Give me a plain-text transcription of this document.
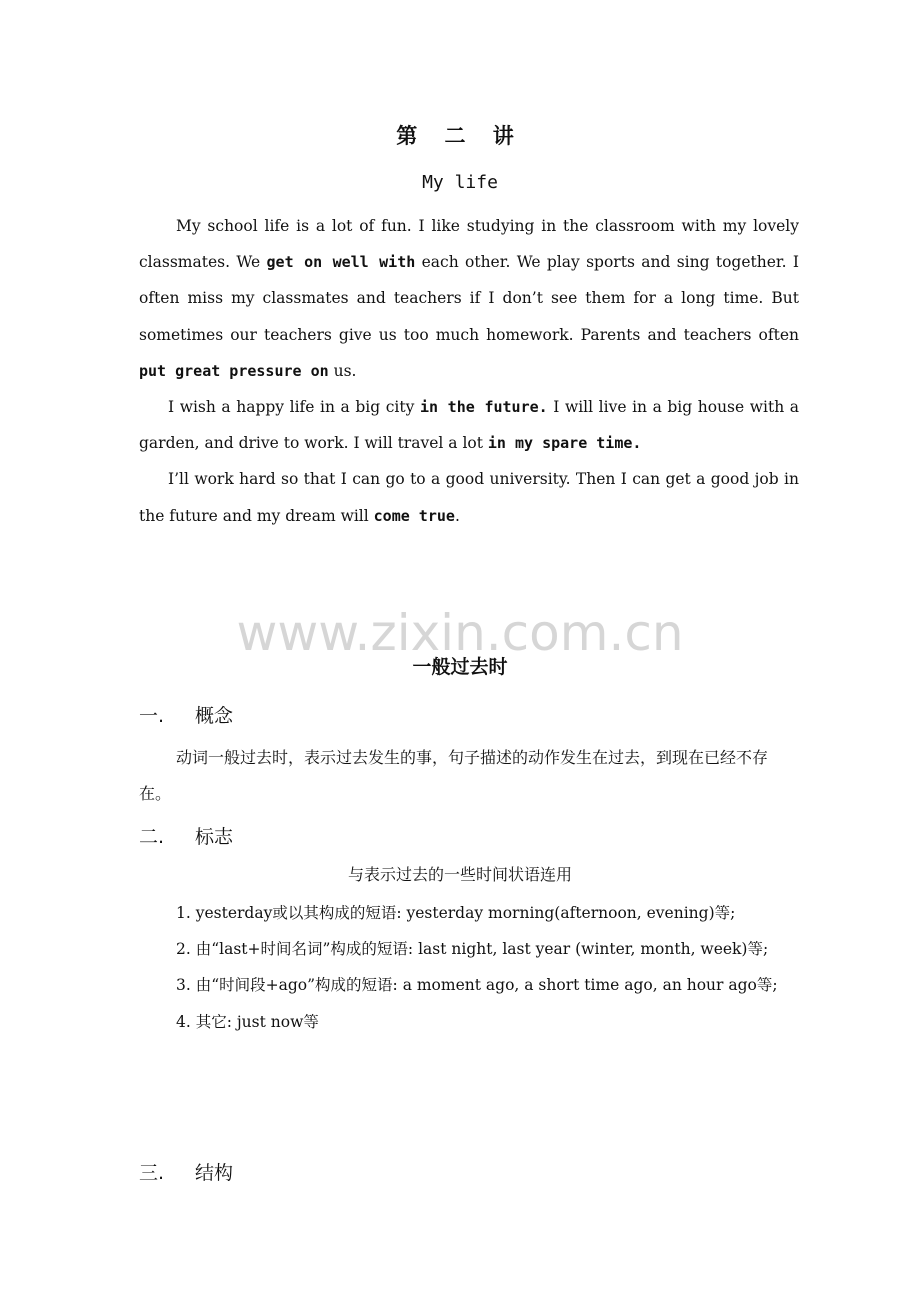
第 二 讲
My life

My school life is a lot of fun. I like studying in the classroom with my lovely classmates. We get on well with each other. We play sports and sing together. I often miss my classmates and teachers if I don’t see them for a long time. But sometimes our teachers give us too much homework. Parents and teachers often put great pressure on us.

I wish a happy life in a big city in the future. I will live in a big house with a garden, and drive to work. I will travel a lot in my spare time.

I’ll work hard so that I can go to a good university. Then I can get a good job in the future and my dream will come true.

www.zixin.com.cn
一般过去时
一. 概念
动词一般过去时，表示过去发生的事，句子描述的动作发生在过去，到现在已经不存在。
二. 标志
与表示过去的一些时间状语连用

1. yesterday或以其构成的短语: yesterday morning(afternoon, evening)等;

2. 由“last+时间名词”构成的短语: last night, last year (winter, month, week)等;

3. 由“时间段+ago”构成的短语: a moment ago, a short time ago, an hour ago等;

4. 其它: just now等

三. 结构
